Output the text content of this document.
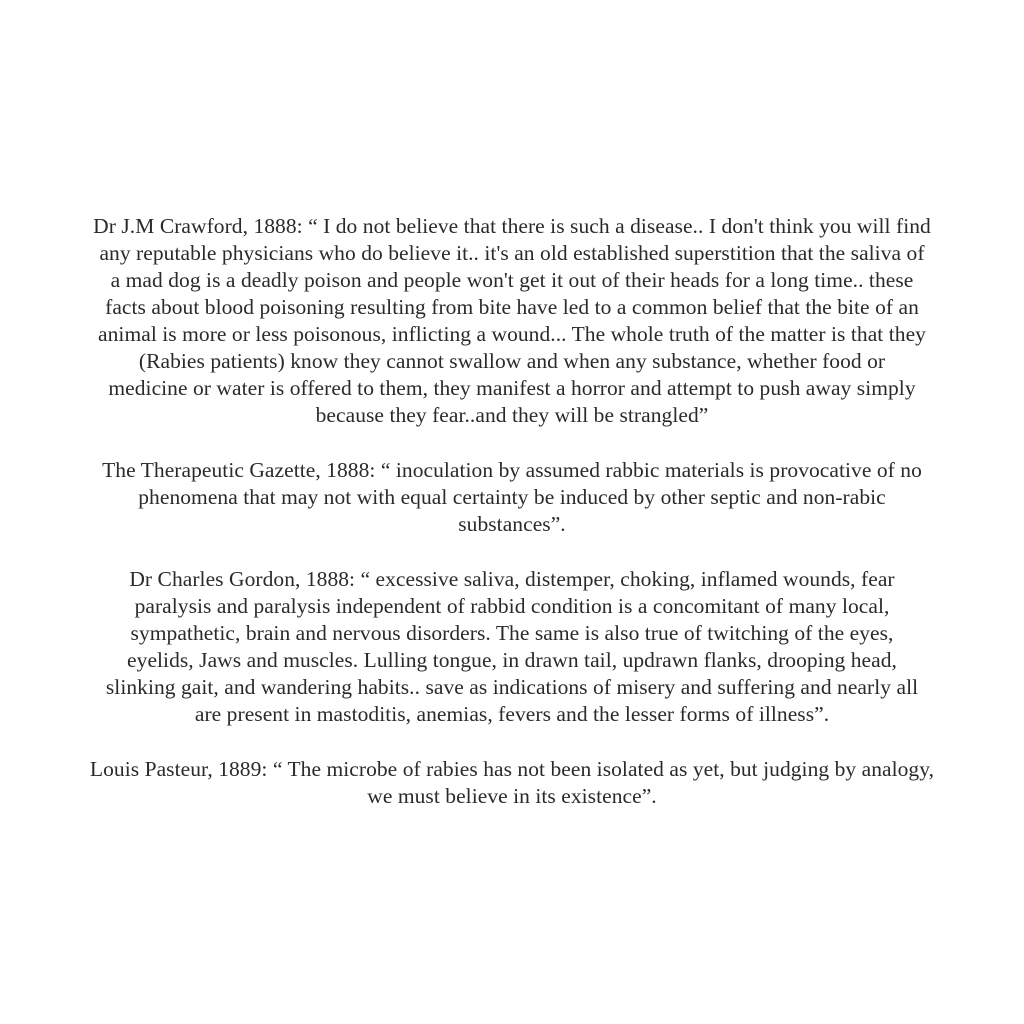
Dr J.M Crawford, 1888: “ I do not believe that there is such a disease.. I don't think you will find
any reputable physicians who do believe it.. it's an old established superstition that the saliva of
a mad dog is a deadly poison and people won't get it out of their heads for a long time.. these
facts about blood poisoning resulting from bite have led to a common belief that the bite of an
animal is more or less poisonous, inflicting a wound... The whole truth of the matter is that they
(Rabies patients) know they cannot swallow and when any substance, whether food or
medicine or water is offered to them, they manifest a horror and attempt to push away simply
because they fear..and they will be strangled”
The Therapeutic Gazette, 1888: “ inoculation by assumed rabbic materials is provocative of no
phenomena that may not with equal certainty be induced by other septic and non-rabic
substances”.
Dr Charles Gordon, 1888: “ excessive saliva, distemper, choking, inflamed wounds, fear
paralysis and paralysis independent of rabbid condition is a concomitant of many local,
sympathetic, brain and nervous disorders. The same is also true of twitching of the eyes,
eyelids, Jaws and muscles. Lulling tongue, in drawn tail, updrawn flanks, drooping head,
slinking gait, and wandering habits.. save as indications of misery and suffering and nearly all
are present in mastoditis, anemias, fevers and the lesser forms of illness”.
Louis Pasteur, 1889: “ The microbe of rabies has not been isolated as yet, but judging by analogy,
we must believe in its existence”.
